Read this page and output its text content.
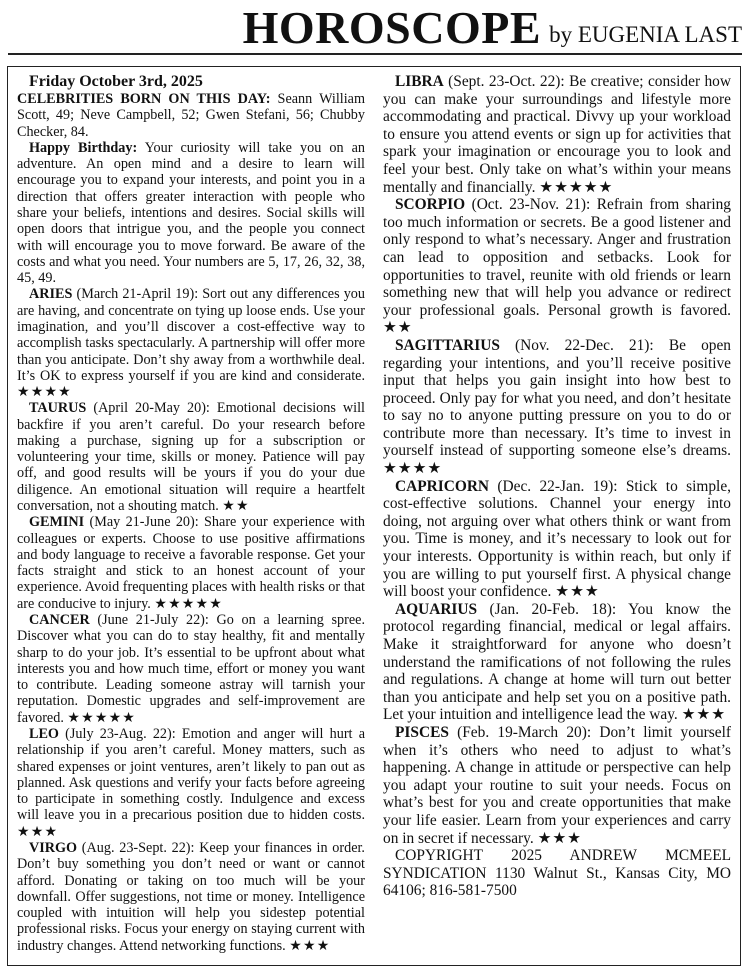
HOROSCOPE by EUGENIA LAST
Friday October 3rd, 2025

CELEBRITIES BORN ON THIS DAY: Seann William Scott, 49; Neve Campbell, 52; Gwen Stefani, 56; Chubby Checker, 84.

Happy Birthday: Your curiosity will take you on an adventure. An open mind and a desire to learn will encourage you to expand your interests, and point you in a direction that offers greater interaction with people who share your beliefs, intentions and desires. Social skills will open doors that intrigue you, and the people you connect with will encourage you to move forward. Be aware of the costs and what you need. Your numbers are 5, 17, 26, 32, 38, 45, 49.

ARIES (March 21-April 19): Sort out any differences you are having, and concentrate on tying up loose ends. Use your imagination, and you’ll discover a cost-effective way to accomplish tasks spectacularly. A partnership will offer more than you anticipate. Don’t shy away from a worthwhile deal. It’s OK to express yourself if you are kind and considerate. ★★★★

TAURUS (April 20-May 20): Emotional decisions will backfire if you aren’t careful. Do your research before making a purchase, signing up for a subscription or volunteering your time, skills or money. Patience will pay off, and good results will be yours if you do your due diligence. An emotional situation will require a heartfelt conversation, not a shouting match. ★★

GEMINI (May 21-June 20): Share your experience with colleagues or experts. Choose to use positive affirmations and body language to receive a favorable response. Get your facts straight and stick to an honest account of your experience. Avoid frequenting places with health risks or that are conducive to injury. ★★★★★

CANCER (June 21-July 22): Go on a learning spree. Discover what you can do to stay healthy, fit and mentally sharp to do your job. It’s essential to be upfront about what interests you and how much time, effort or money you want to contribute. Leading someone astray will tarnish your reputation. Domestic upgrades and self-improvement are favored. ★★★★★

LEO (July 23-Aug. 22): Emotion and anger will hurt a relationship if you aren’t careful. Money matters, such as shared expenses or joint ventures, aren’t likely to pan out as planned. Ask questions and verify your facts before agreeing to participate in something costly. Indulgence and excess will leave you in a precarious position due to hidden costs. ★★★

VIRGO (Aug. 23-Sept. 22): Keep your finances in order. Don’t buy something you don’t need or want or cannot afford. Donating or taking on too much will be your downfall. Offer suggestions, not time or money. Intelligence coupled with intuition will help you sidestep potential professional risks. Focus your energy on staying current with industry changes. Attend networking functions. ★★★

LIBRA (Sept. 23-Oct. 22): Be creative; consider how you can make your surroundings and lifestyle more accommodating and practical. Divvy up your workload to ensure you attend events or sign up for activities that spark your imagination or encourage you to look and feel your best. Only take on what’s within your means mentally and financially. ★★★★★

SCORPIO (Oct. 23-Nov. 21): Refrain from sharing too much information or secrets. Be a good listener and only respond to what’s necessary. Anger and frustration can lead to opposition and setbacks. Look for opportunities to travel, reunite with old friends or learn something new that will help you advance or redirect your professional goals. Personal growth is favored. ★★

SAGITTARIUS (Nov. 22-Dec. 21): Be open regarding your intentions, and you’ll receive positive input that helps you gain insight into how best to proceed. Only pay for what you need, and don’t hesitate to say no to anyone putting pressure on you to do or contribute more than necessary. It’s time to invest in yourself instead of supporting someone else’s dreams. ★★★★

CAPRICORN (Dec. 22-Jan. 19): Stick to simple, cost-effective solutions. Channel your energy into doing, not arguing over what others think or want from you. Time is money, and it’s necessary to look out for your interests. Opportunity is within reach, but only if you are willing to put yourself first. A physical change will boost your confidence. ★★★

AQUARIUS (Jan. 20-Feb. 18): You know the protocol regarding financial, medical or legal affairs. Make it straightforward for anyone who doesn’t understand the ramifications of not following the rules and regulations. A change at home will turn out better than you anticipate and help set you on a positive path. Let your intuition and intelligence lead the way. ★★★

PISCES (Feb. 19-March 20): Don’t limit yourself when it’s others who need to adjust to what’s happening. A change in attitude or perspective can help you adapt your routine to suit your needs. Focus on what’s best for you and create opportunities that make your life easier. Learn from your experiences and carry on in secret if necessary. ★★★

COPYRIGHT 2025 ANDREW MCMEEL SYNDICATION 1130 Walnut St., Kansas City, MO 64106; 816-581-7500
